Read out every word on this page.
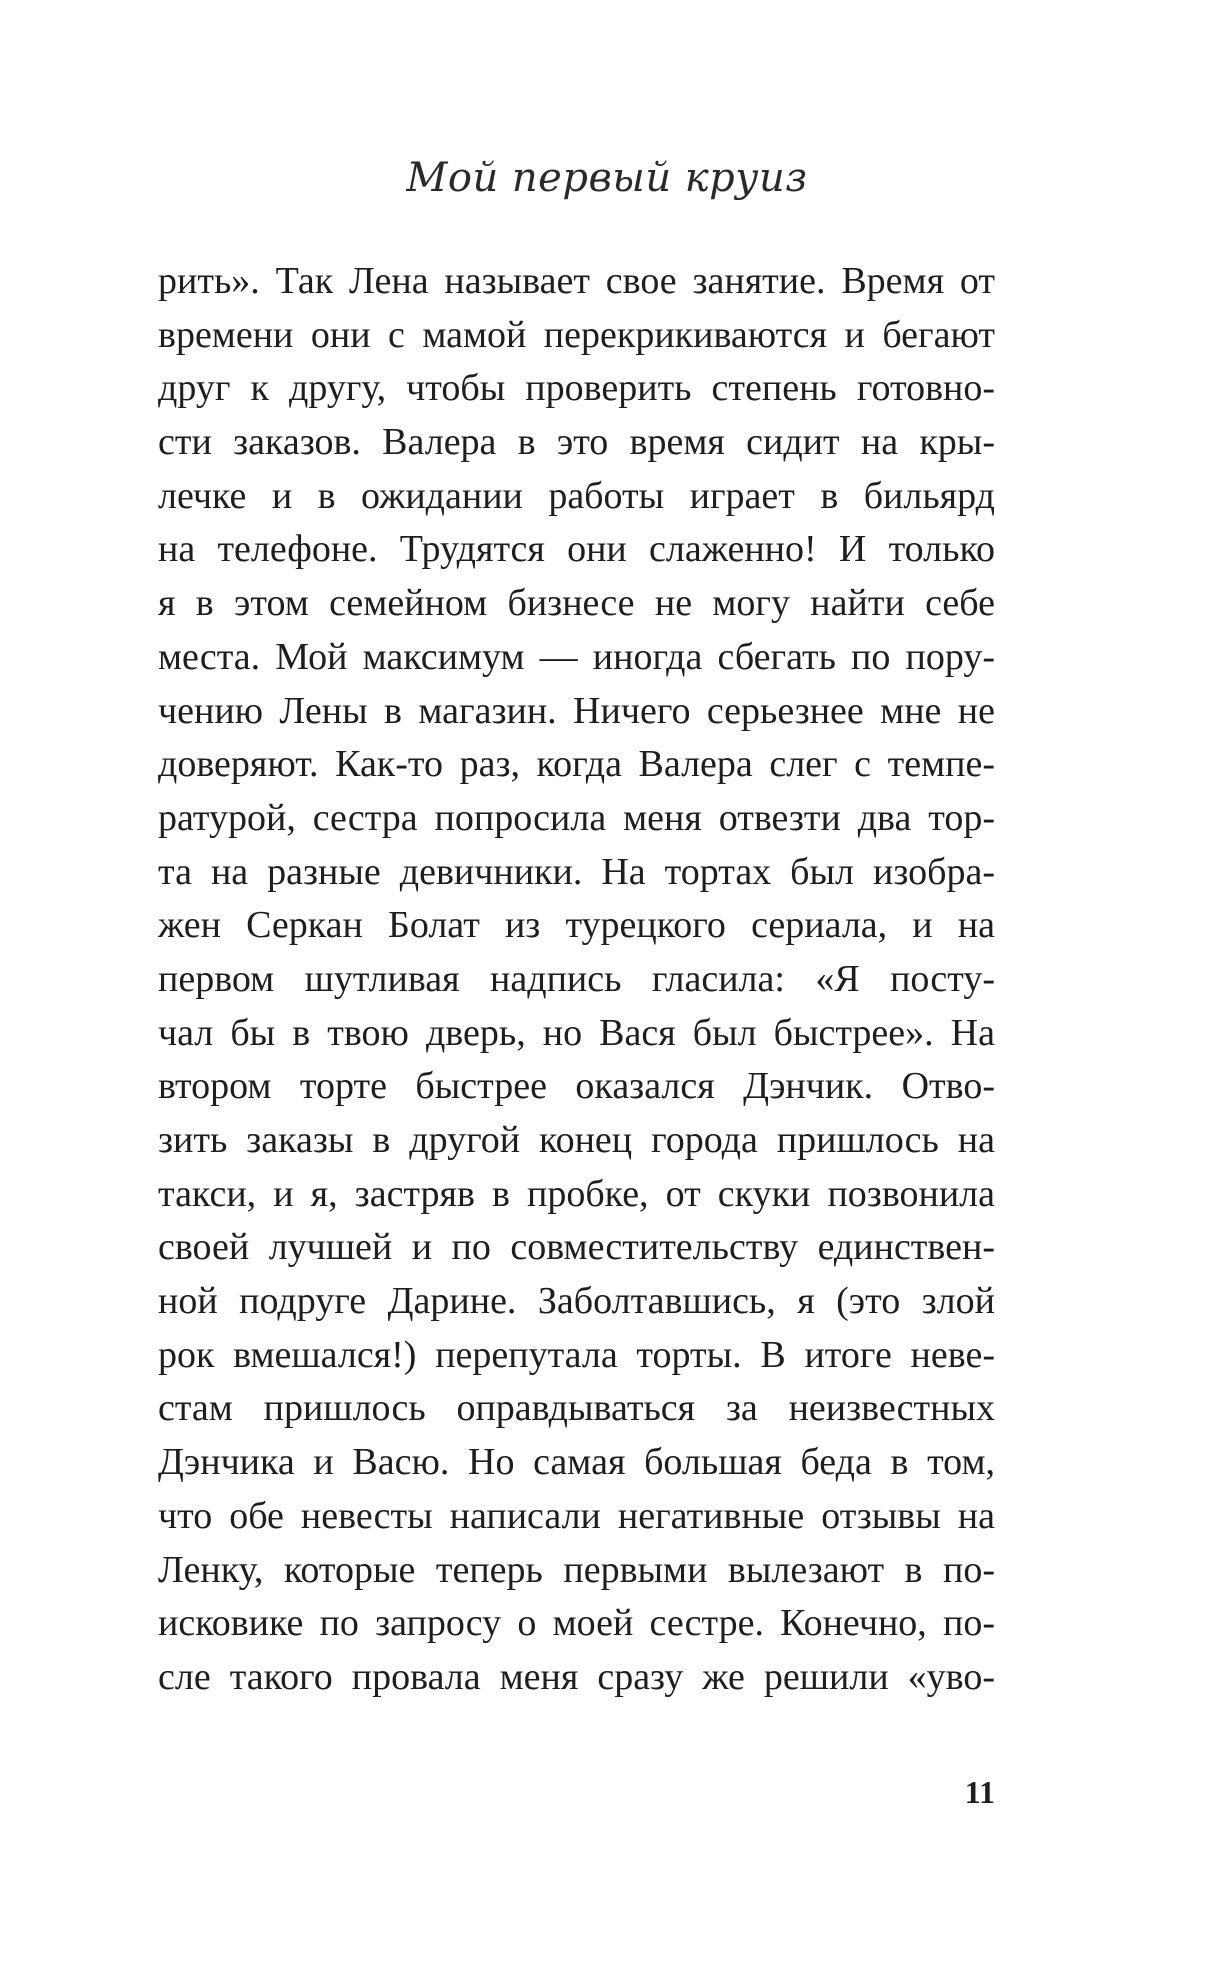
Мой первый круиз
рить». Так Лена называет свое занятие. Время от
времени они с мамой перекрикиваются и бегают
друг к другу, чтобы проверить степень готовно-
сти заказов. Валера в это время сидит на кры-
лечке и в ожидании работы играет в бильярд
на телефоне. Трудятся они слаженно! И только
я в этом семейном бизнесе не могу найти себе
места. Мой максимум — иногда сбегать по пору-
чению Лены в магазин. Ничего серьезнее мне не
доверяют. Как-то раз, когда Валера слег с темпе-
ратурой, сестра попросила меня отвезти два тор-
та на разные девичники. На тортах был изобра-
жен Серкан Болат из турецкого сериала, и на
первом шутливая надпись гласила: «Я посту-
чал бы в твою дверь, но Вася был быстрее». На
втором торте быстрее оказался Дэнчик. Отво-
зить заказы в другой конец города пришлось на
такси, и я, застряв в пробке, от скуки позвонила
своей лучшей и по совместительству единствен-
ной подруге Дарине. Заболтавшись, я (это злой
рок вмешался!) перепутала торты. В итоге неве-
стам пришлось оправдываться за неизвестных
Дэнчика и Васю. Но самая большая беда в том,
что обе невесты написали негативные отзывы на
Ленку, которые теперь первыми вылезают в по-
исковике по запросу о моей сестре. Конечно, по-
сле такого провала меня сразу же решили «уво-
11
